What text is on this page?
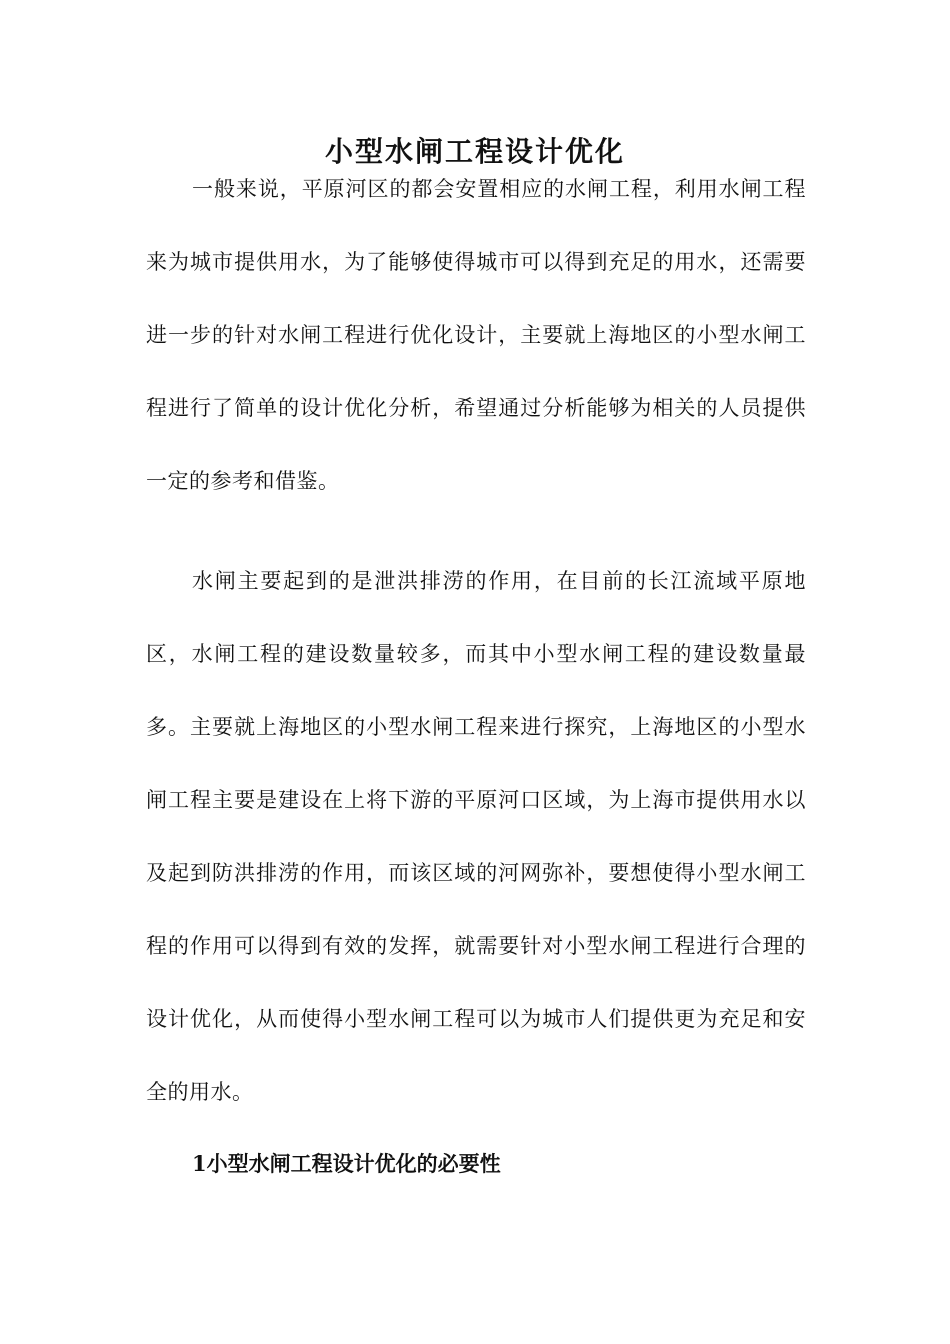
小型水闸工程设计优化

一般来说，平原河区的都会安置相应的水闸工程，利用水闸工程来为城市提供用水，为了能够使得城市可以得到充足的用水，还需要进一步的针对水闸工程进行优化设计，主要就上海地区的小型水闸工程进行了简单的设计优化分析，希望通过分析能够为相关的人员提供一定的参考和借鉴。

水闸主要起到的是泄洪排涝的作用，在目前的长江流域平原地区，水闸工程的建设数量较多，而其中小型水闸工程的建设数量最多。主要就上海地区的小型水闸工程来进行探究，上海地区的小型水闸工程主要是建设在上将下游的平原河口区域，为上海市提供用水以及起到防洪排涝的作用，而该区域的河网弥补，要想使得小型水闸工程的作用可以得到有效的发挥，就需要针对小型水闸工程进行合理的设计优化，从而使得小型水闸工程可以为城市人们提供更为充足和安全的用水。

1小型水闸工程设计优化的必要性
